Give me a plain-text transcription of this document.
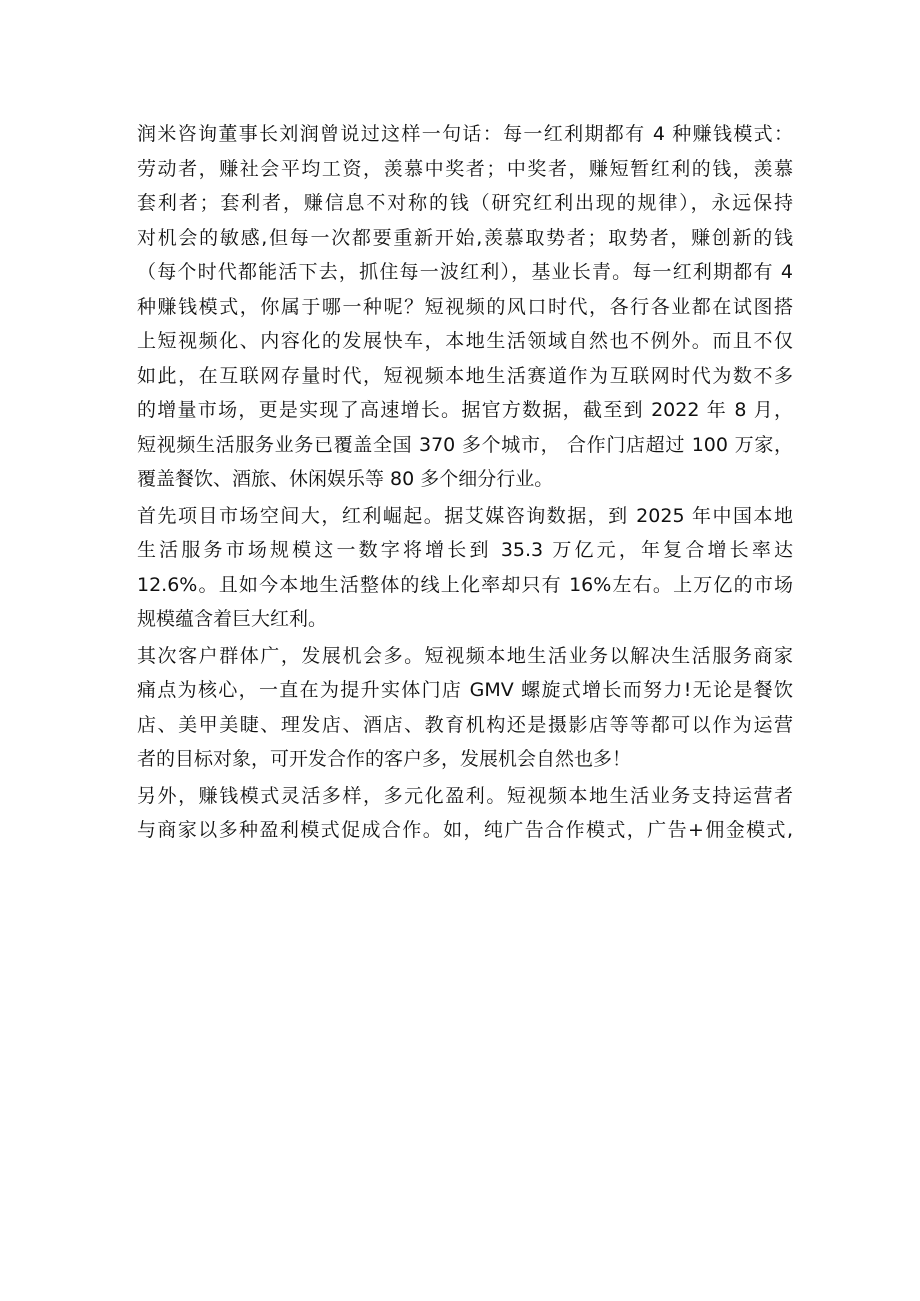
润米咨询董事长刘润曾说过这样一句话：每一红利期都有 4 种赚钱模式：
劳动者，赚社会平均工资，羡慕中奖者；中奖者，赚短暂红利的钱，羡慕
套利者；套利者，赚信息不对称的钱（研究红利出现的规律），永远保持
对机会的敏感,但每一次都要重新开始,羡慕取势者；取势者，赚创新的钱
（每个时代都能活下去，抓住每一波红利），基业长青。每一红利期都有 4
种赚钱模式，你属于哪一种呢？短视频的风口时代，各行各业都在试图搭
上短视频化、内容化的发展快车，本地生活领域自然也不例外。而且不仅
如此，在互联网存量时代，短视频本地生活赛道作为互联网时代为数不多
的增量市场，更是实现了高速增长。据官方数据，截至到 2022 年 8 月，
短视频生活服务业务已覆盖全国 370 多个城市， 合作门店超过 100 万家，
覆盖餐饮、酒旅、休闲娱乐等 80 多个细分行业。

首先项目市场空间大，红利崛起。据艾媒咨询数据，到 2025 年中国本地
生活服务市场规模这一数字将增长到 35.3 万亿元，年复合增长率达
12.6%。且如今本地生活整体的线上化率却只有 16%左右。上万亿的市场
规模蕴含着巨大红利。

其次客户群体广，发展机会多。短视频本地生活业务以解决生活服务商家
痛点为核心，一直在为提升实体门店 GMV 螺旋式增长而努力!无论是餐饮
店、美甲美睫、理发店、酒店、教育机构还是摄影店等等都可以作为运营
者的目标对象，可开发合作的客户多，发展机会自然也多！

另外，赚钱模式灵活多样，多元化盈利。短视频本地生活业务支持运营者
与商家以多种盈利模式促成合作。如，纯广告合作模式，广告+佣金模式,
